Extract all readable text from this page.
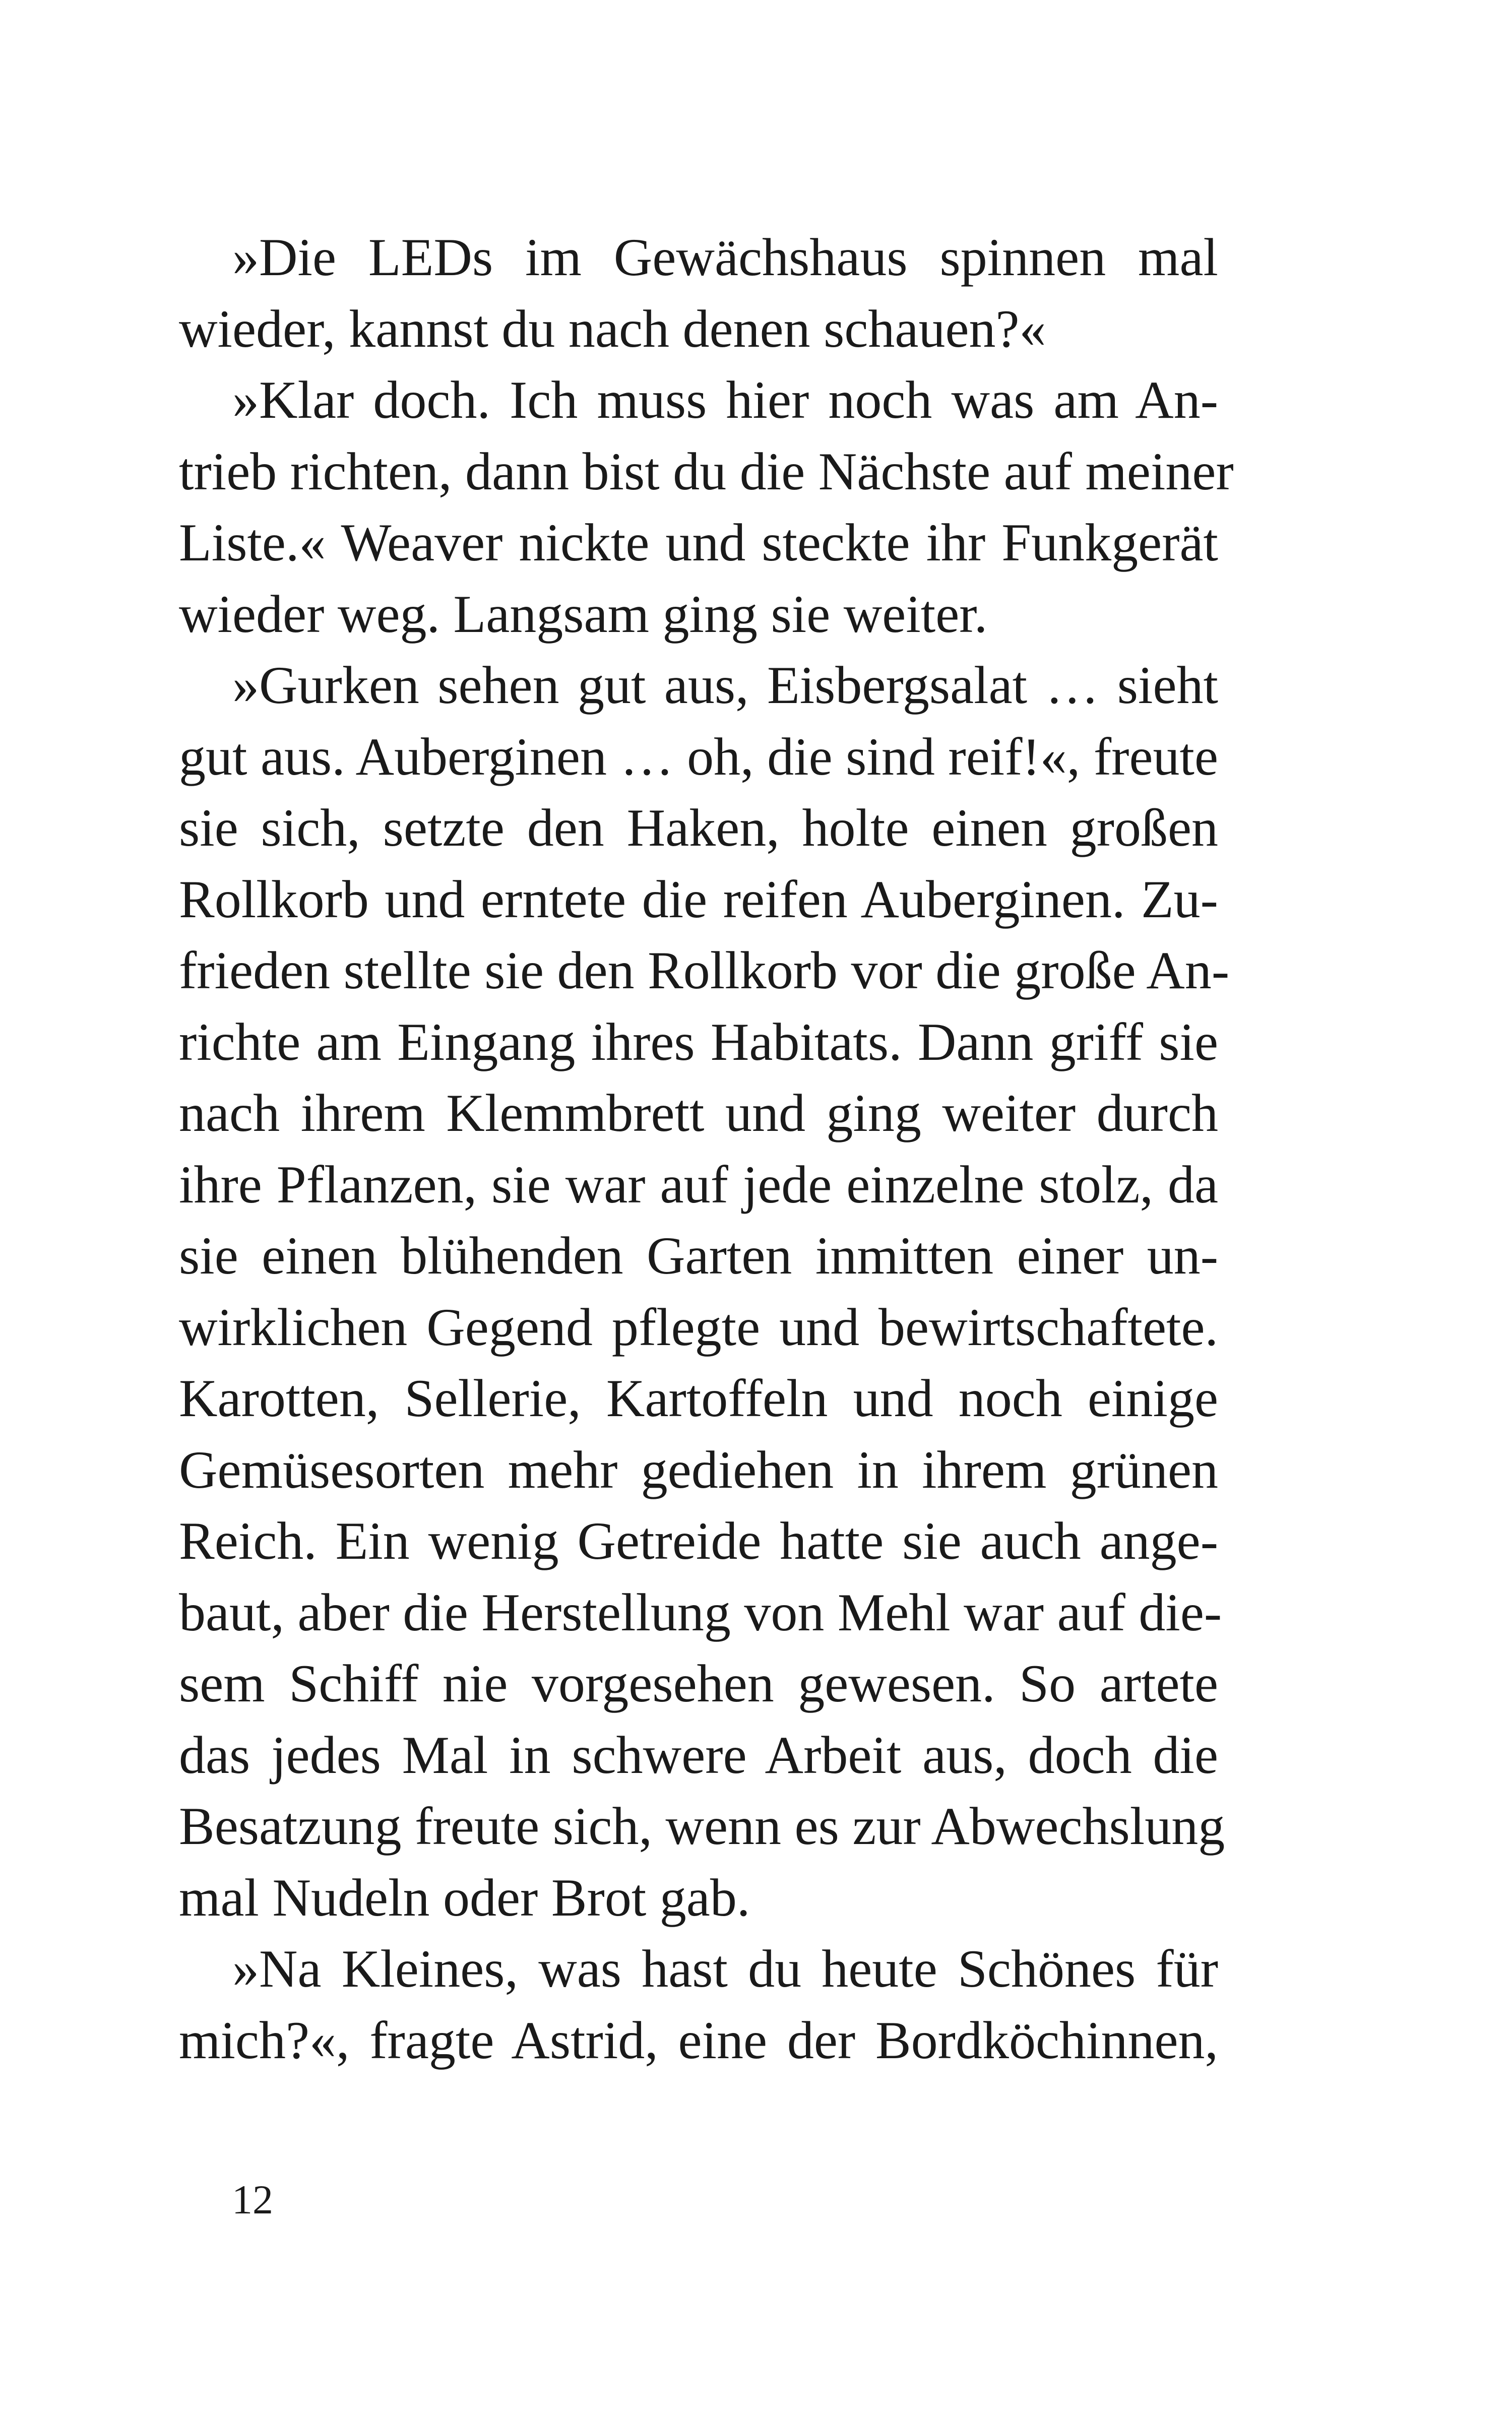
»Die LEDs im Gewächshaus spinnen mal
wieder, kannst du nach denen schauen?«
»Klar doch. Ich muss hier noch was am An-
trieb richten, dann bist du die Nächste auf meiner
Liste.« Weaver nickte und steckte ihr Funkgerät
wieder weg. Langsam ging sie weiter.
»Gurken sehen gut aus, Eisbergsalat … sieht
gut aus. Auberginen … oh, die sind reif!«, freute
sie sich, setzte den Haken, holte einen großen
Rollkorb und erntete die reifen Auberginen. Zu-
frieden stellte sie den Rollkorb vor die große An-
richte am Eingang ihres Habitats. Dann griff sie
nach ihrem Klemmbrett und ging weiter durch
ihre Pflanzen, sie war auf jede einzelne stolz, da
sie einen blühenden Garten inmitten einer un-
wirklichen Gegend pflegte und bewirtschaftete.
Karotten, Sellerie, Kartoffeln und noch einige
Gemüsesorten mehr gediehen in ihrem grünen
Reich. Ein wenig Getreide hatte sie auch ange-
baut, aber die Herstellung von Mehl war auf die-
sem Schiff nie vorgesehen gewesen. So artete
das jedes Mal in schwere Arbeit aus, doch die
Besatzung freute sich, wenn es zur Abwechslung
mal Nudeln oder Brot gab.
»Na Kleines, was hast du heute Schönes für
mich?«, fragte Astrid, eine der Bordköchinnen,
12
